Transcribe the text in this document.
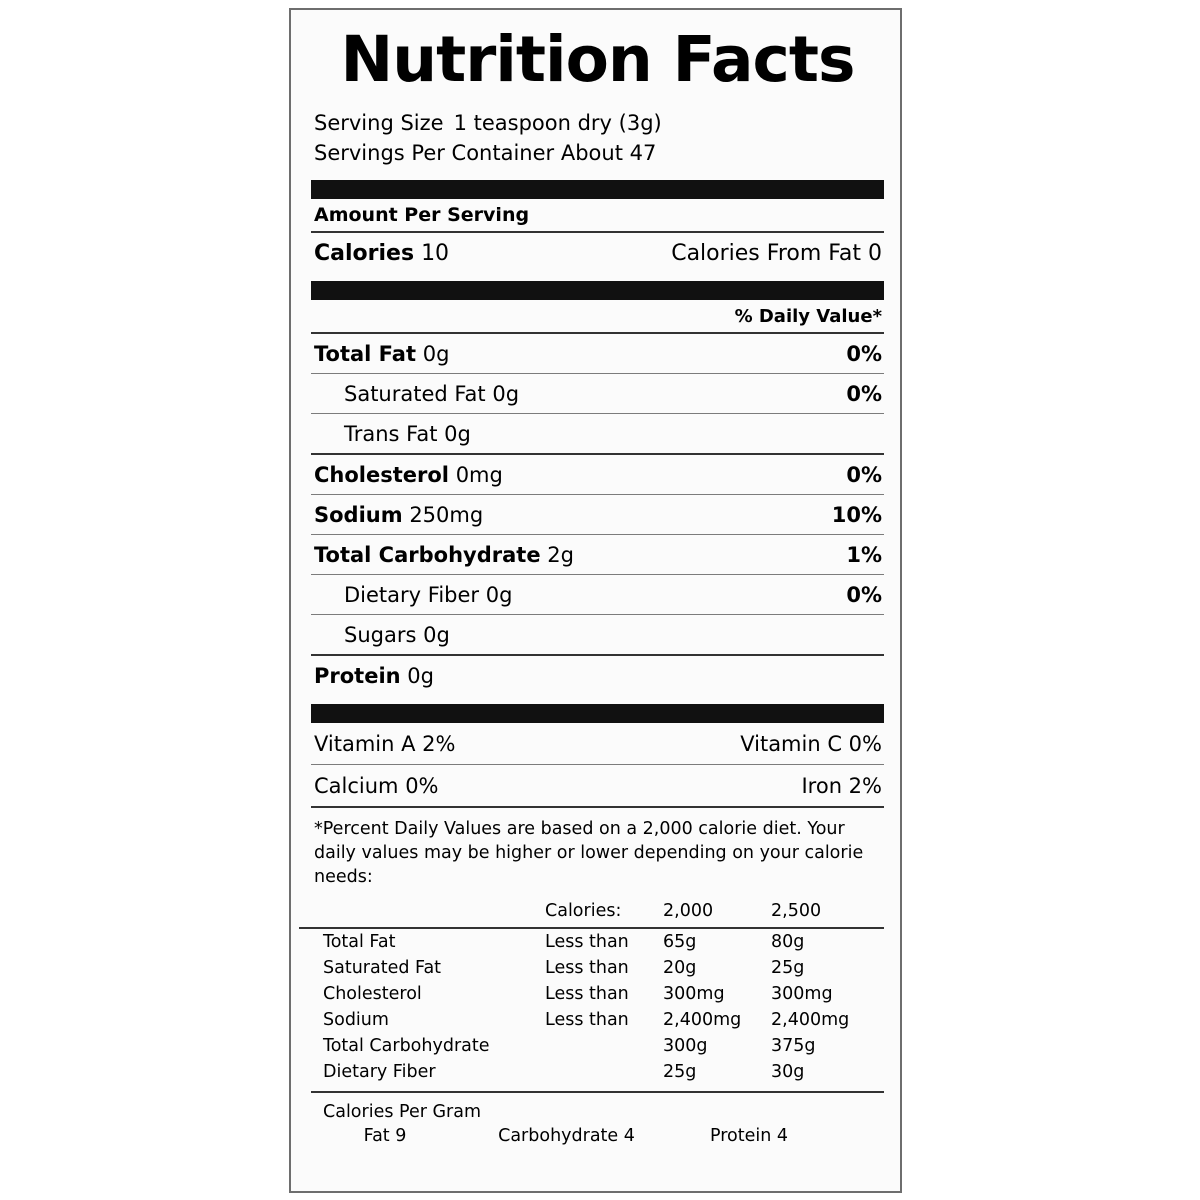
Nutrition Facts
Serving Size 1 teaspoon dry (3g)
Servings Per Container About 47
Amount Per Serving
Calories 10	Calories From Fat 0
% Daily Value*
Total Fat 0g	0%
Saturated Fat 0g	0%
Trans Fat 0g
Cholesterol 0mg	0%
Sodium 250mg	10%
Total Carbohydrate 2g	1%
Dietary Fiber 0g	0%
Sugars 0g
Protein 0g
Vitamin A 2%	Vitamin C 0%
Calcium 0%	Iron 2%
*Percent Daily Values are based on a 2,000 calorie diet. Your daily values may be higher or lower depending on your calorie needs:
	Calories:	2,000	2,500

Total Fat	Less than	65g	80g
Saturated Fat	Less than	20g	25g
Cholesterol	Less than	300mg	300mg
Sodium	Less than	2,400mg	2,400mg
Total Carbohydrate		300g	375g
Dietary Fiber		25g	30g
Calories Per Gram
Fat 9	Carbohydrate 4	Protein 4
